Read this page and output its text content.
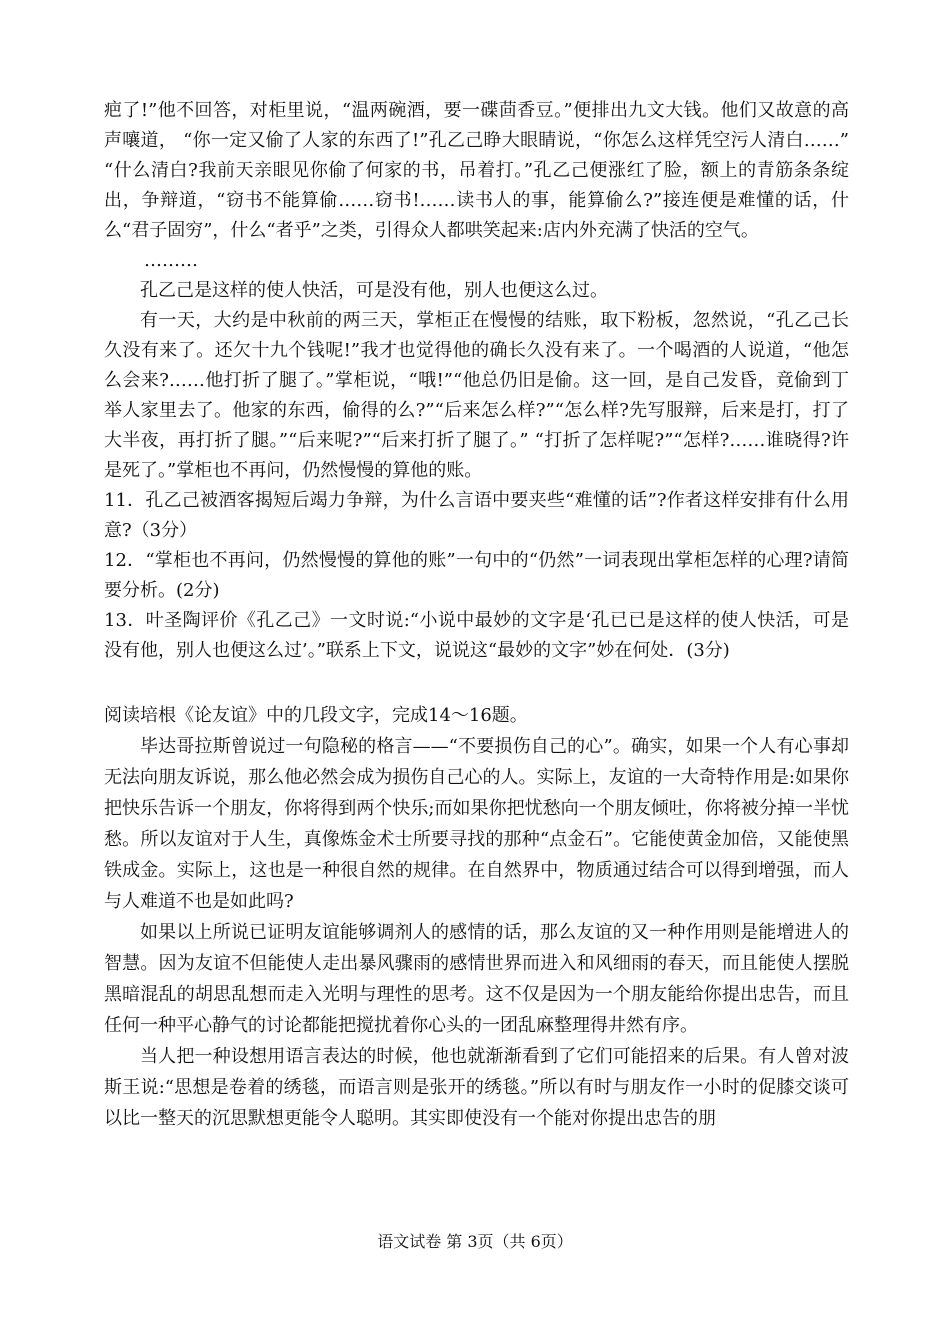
疤了!”他不回答，对柜里说，“温两碗酒，要一碟茴香豆。”便排出九文大钱。他们又故意的高声嚷道， “你一定又偷了人家的东西了!”孔乙己睁大眼睛说，“你怎么这样凭空污人清白……” “什么清白?我前天亲眼见你偷了何家的书，吊着打。”孔乙己便涨红了脸，额上的青筋条条绽出，争辩道，“窃书不能算偷……窃书!……读书人的事，能算偷么?”接连便是难懂的话，什么“君子固穷”，什么“者乎”之类，引得众人都哄笑起来:店内外充满了快活的空气。

………

孔乙己是这样的使人快活，可是没有他，别人也便这么过。

有一天，大约是中秋前的两三天，掌柜正在慢慢的结账，取下粉板，忽然说，“孔乙己长久没有来了。还欠十九个钱呢!”我才也觉得他的确长久没有来了。一个喝酒的人说道，“他怎么会来?……他打折了腿了。”掌柜说，“哦!”“他总仍旧是偷。这一回，是自己发昏，竟偷到丁举人家里去了。他家的东西，偷得的么?”“后来怎么样?”“怎么样?先写服辩，后来是打，打了大半夜，再打折了腿。”“后来呢?”“后来打折了腿了。” “打折了怎样呢?”“怎样?……谁晓得?许是死了。”掌柜也不再问，仍然慢慢的算他的账。

11．孔乙己被酒客揭短后竭力争辩，为什么言语中要夹些“难懂的话”?作者这样安排有什么用意?（3分）

12．“掌柜也不再问，仍然慢慢的算他的账”一句中的“仍然”一词表现出掌柜怎样的心理?请简要分析。(2分)

13．叶圣陶评价《孔乙己》一文时说:“小说中最妙的文字是‘孔已已是这样的使人快活，可是没有他，别人也便这么过’。”联系上下文，说说这“最妙的文字”妙在何处．(3分)

阅读培根《论友谊》中的几段文字，完成14～16题。

毕达哥拉斯曾说过一句隐秘的格言——“不要损伤自己的心”。确实，如果一个人有心事却无法向朋友诉说，那么他必然会成为损伤自己心的人。实际上，友谊的一大奇特作用是:如果你把快乐告诉一个朋友，你将得到两个快乐;而如果你把忧愁向一个朋友倾吐，你将被分掉一半忧愁。所以友谊对于人生，真像炼金术士所要寻找的那种“点金石”。它能使黄金加倍，又能使黑铁成金。实际上，这也是一种很自然的规律。在自然界中，物质通过结合可以得到增强，而人与人难道不也是如此吗?

如果以上所说已证明友谊能够调剂人的感情的话，那么友谊的又一种作用则是能增进人的智慧。因为友谊不但能使人走出暴风骤雨的感情世界而进入和风细雨的春天，而且能使人摆脱黑暗混乱的胡思乱想而走入光明与理性的思考。这不仅是因为一个朋友能给你提出忠告，而且任何一种平心静气的讨论都能把搅扰着你心头的一团乱麻整理得井然有序。

当人把一种设想用语言表达的时候，他也就渐渐看到了它们可能招来的后果。有人曾对波斯王说:“思想是卷着的绣毯，而语言则是张开的绣毯。”所以有时与朋友作一小时的促膝交谈可以比一整天的沉思默想更能令人聪明。其实即使没有一个能对你提出忠告的朋

语文试卷 第 3页（共 6页）
